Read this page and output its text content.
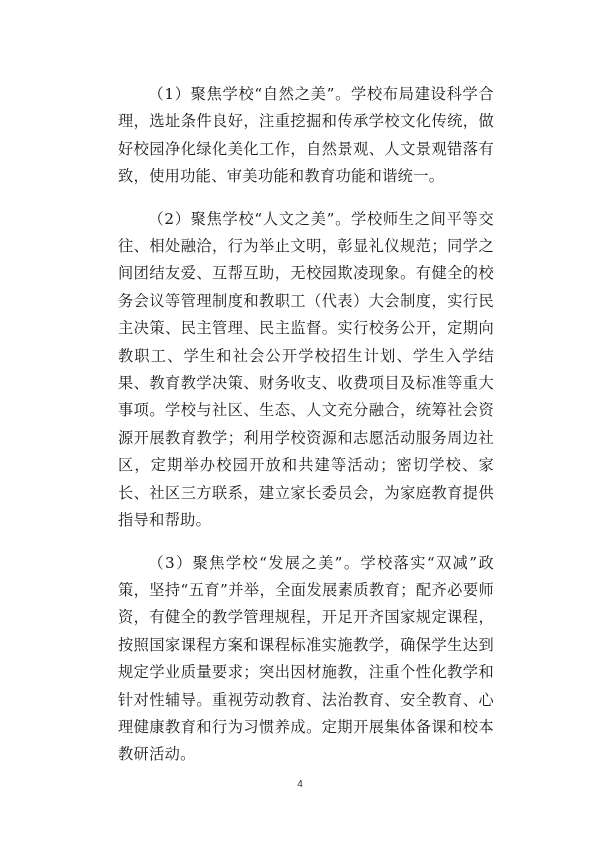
（1）聚焦学校“自然之美”。学校布局建设科学合理，选址条件良好，注重挖掘和传承学校文化传统，做好校园净化绿化美化工作，自然景观、人文景观错落有致，使用功能、审美功能和教育功能和谐统一。

（2）聚焦学校“人文之美”。学校师生之间平等交往、相处融洽，行为举止文明，彰显礼仪规范；同学之间团结友爱、互帮互助，无校园欺凌现象。有健全的校务会议等管理制度和教职工（代表）大会制度，实行民主决策、民主管理、民主监督。实行校务公开，定期向教职工、学生和社会公开学校招生计划、学生入学结果、教育教学决策、财务收支、收费项目及标准等重大事项。学校与社区、生态、人文充分融合，统筹社会资源开展教育教学；利用学校资源和志愿活动服务周边社区，定期举办校园开放和共建等活动；密切学校、家长、社区三方联系，建立家长委员会，为家庭教育提供指导和帮助。

（3）聚焦学校“发展之美”。学校落实“双减”政策，坚持“五育”并举，全面发展素质教育；配齐必要师资，有健全的教学管理规程，开足开齐国家规定课程，按照国家课程方案和课程标准实施教学，确保学生达到规定学业质量要求；突出因材施教，注重个性化教学和针对性辅导。重视劳动教育、法治教育、安全教育、心理健康教育和行为习惯养成。定期开展集体备课和校本教研活动。

4
